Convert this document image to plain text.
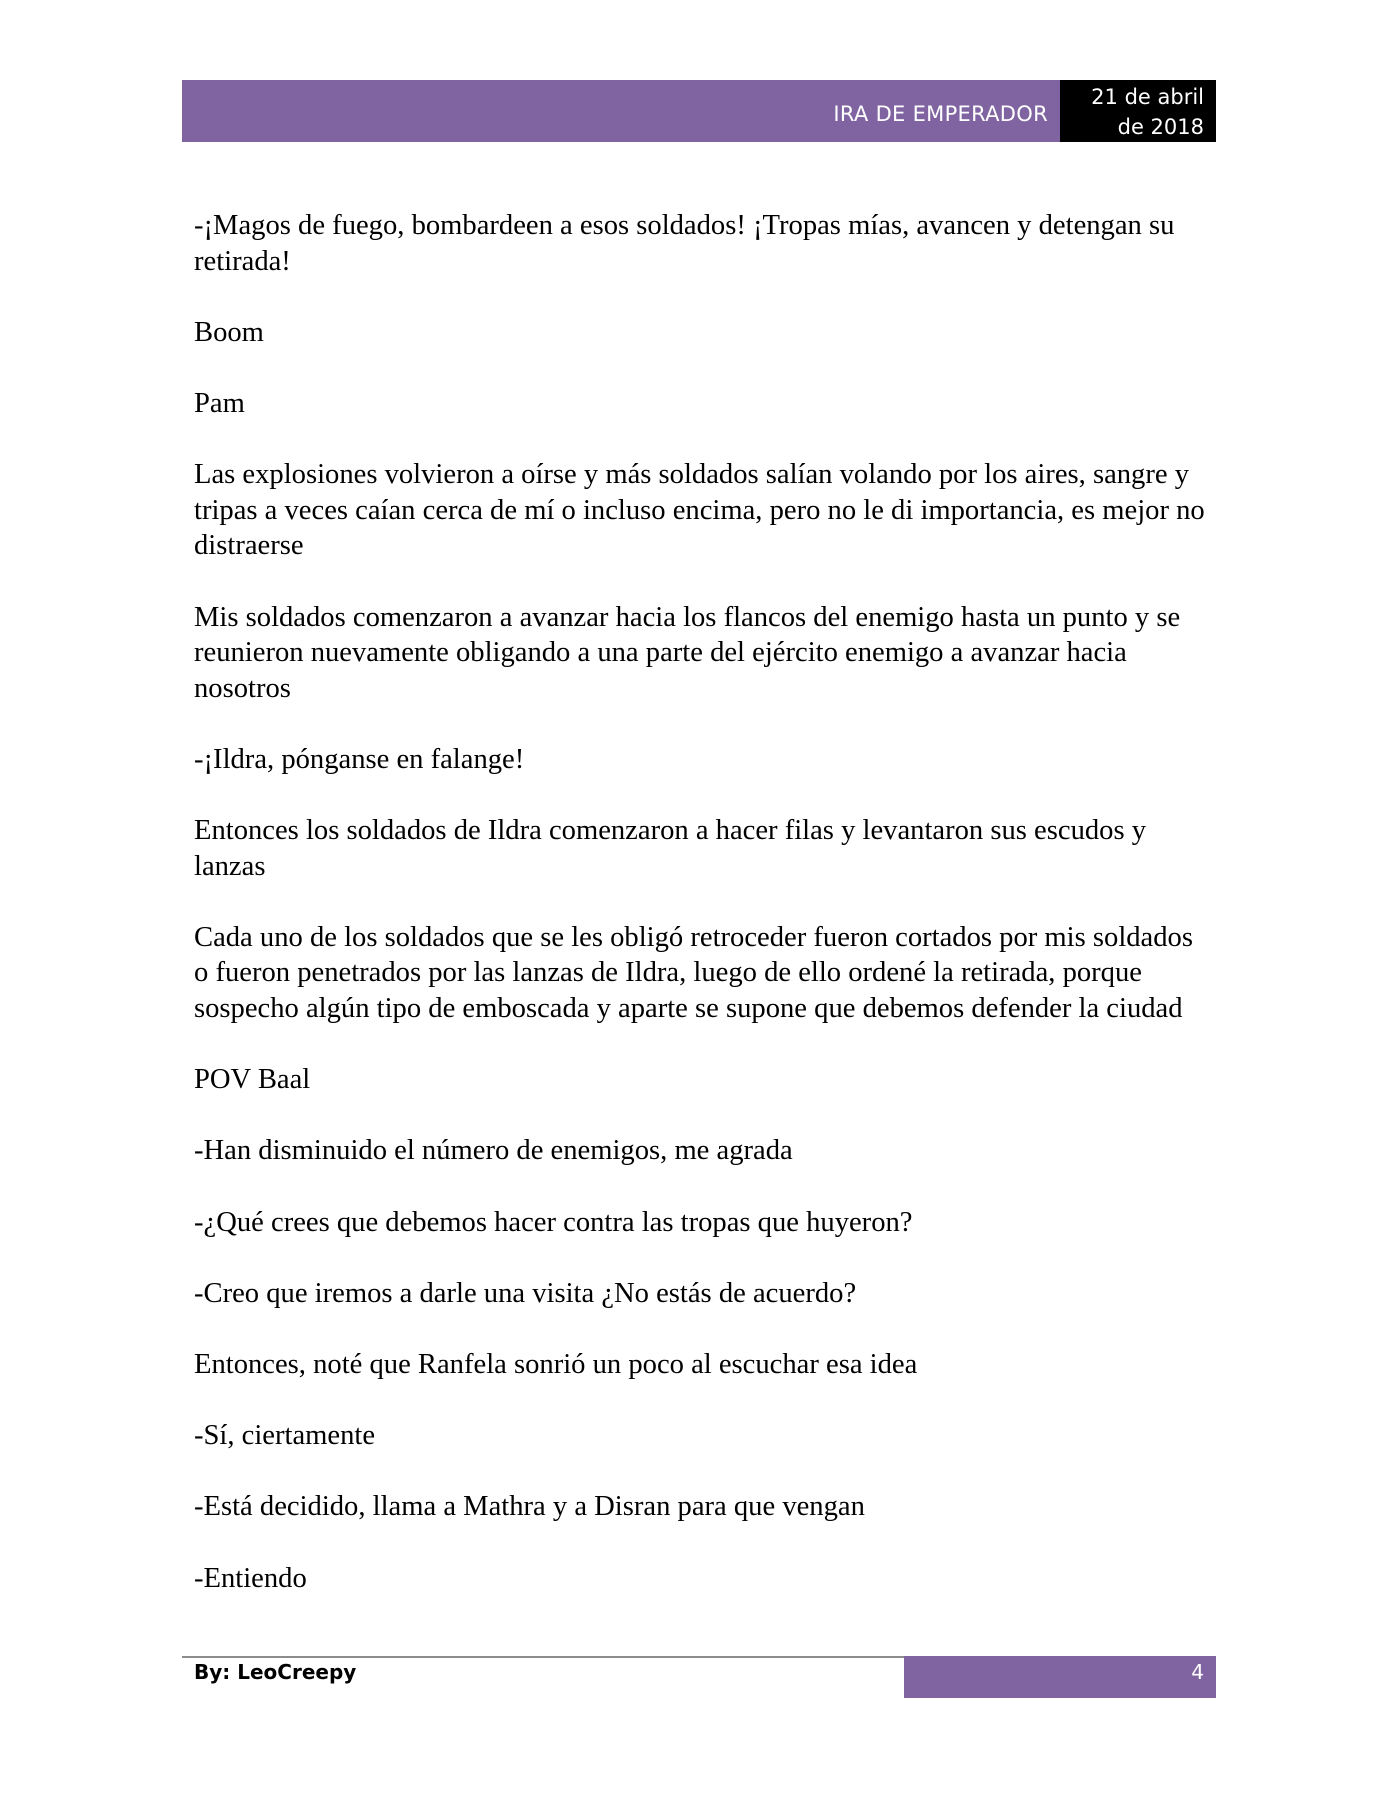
IRA DE EMPERADOR
21 de abril
de 2018

-¡Magos de fuego, bombardeen a esos soldados! ¡Tropas mías, avancen y detengan su retirada!

Boom

Pam

Las explosiones volvieron a oírse y más soldados salían volando por los aires, sangre y tripas a veces caían cerca de mí o incluso encima, pero no le di importancia, es mejor no distraerse

Mis soldados comenzaron a avanzar hacia los flancos del enemigo hasta un punto y se reunieron nuevamente obligando a una parte del ejército enemigo a avanzar hacia nosotros

-¡Ildra, pónganse en falange!

Entonces los soldados de Ildra comenzaron a hacer filas y levantaron sus escudos y lanzas

Cada uno de los soldados que se les obligó retroceder fueron cortados por mis soldados o fueron penetrados por las lanzas de Ildra, luego de ello ordené la retirada, porque sospecho algún tipo de emboscada y aparte se supone que debemos defender la ciudad

POV Baal

-Han disminuido el número de enemigos, me agrada

-¿Qué crees que debemos hacer contra las tropas que huyeron?

-Creo que iremos a darle una visita ¿No estás de acuerdo?

Entonces, noté que Ranfela sonrió un poco al escuchar esa idea

-Sí, ciertamente

-Está decidido, llama a Mathra y a Disran para que vengan

-Entiendo

By: LeoCreepy	4
